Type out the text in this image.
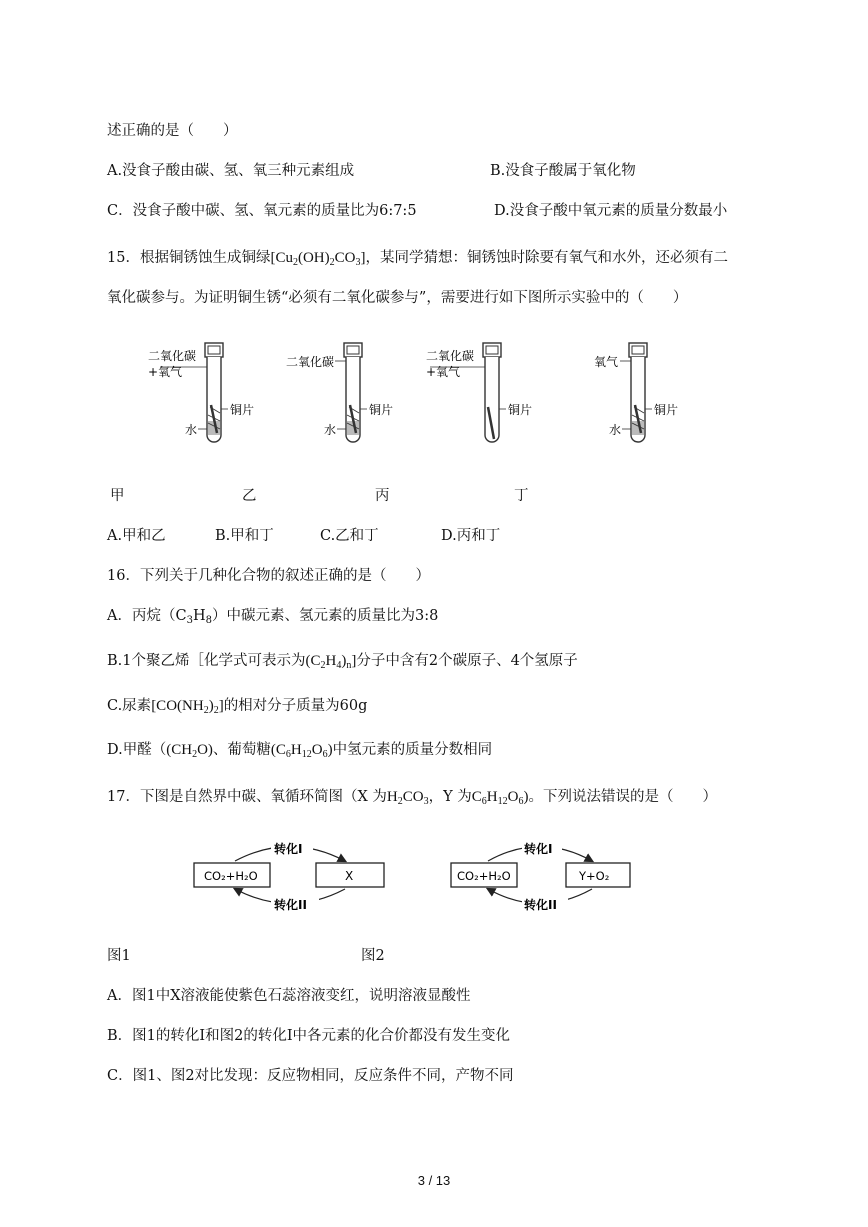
述正确的是（　　）
A.没食子酸由碳、氢、氧三种元素组成	B.没食子酸属于氧化物
C．没食子酸中碳、氢、氧元素的质量比为6:7:5	D.没食子酸中氧元素的质量分数最小
15．根据铜锈蚀生成铜绿$[Cu_2(OH)_2CO_3]$，某同学猜想：铜锈蚀时除要有氧气和水外，还必须有二
氧化碳参与。为证明铜生锈“必须有二氧化碳参与”，需要进行如下图所示实验中的（　　）
二氧化碳
+氧气
铜片
水
二氧化碳
铜片
水
二氧化碳
+氧气
铜片
氧气
铜片
水
甲	乙	丙	丁
A.甲和乙	B.甲和丁	C.乙和丁	D.丙和丁
16．下列关于几种化合物的叙述正确的是（　　）
A．丙烷$(C_3H_8)$中碳元素、氢元素的质量比为3:8
B.1个聚乙烯［化学式可表示为$(C_2H_4)_n$]分子中含有2个碳原子、4个氢原子
C.尿素$[CO(NH_2)_2]$的相对分子质量为60g
D.甲醛（$(CH_2O)$、葡萄糖$(C_6H_{12}O_6)$中氢元素的质量分数相同
17．下图是自然界中碳、氧循环简图（X 为$H_2CO_3$，Y 为$C_6H_{12}O_6$)。下列说法错误的是（　　）
转化I
转化II
CO₂+H₂O	X
转化I
转化II
CO₂+H₂O	Y+O₂
图1	图2
A．图1中X溶液能使紫色石蕊溶液变红，说明溶液显酸性
B．图1的转化I和图2的转化I中各元素的化合价都没有发生变化
C．图1、图2对比发现：反应物相同，反应条件不同，产物不同
3 / 13
